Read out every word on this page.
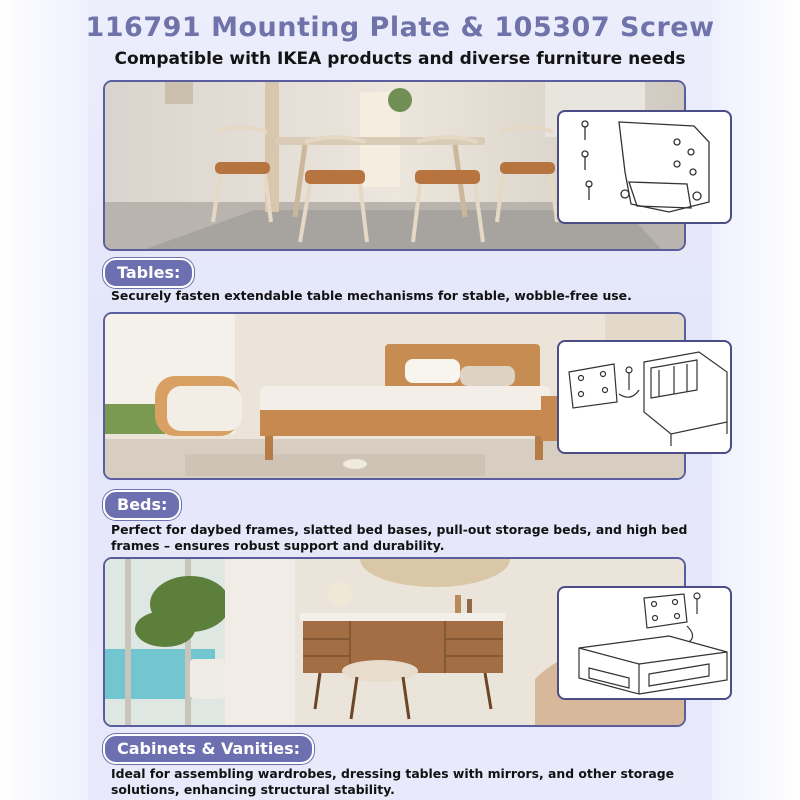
116791 Mounting Plate & 105307 Screw
Compatible with IKEA products and diverse furniture needs
Tables:
Securely fasten extendable table mechanisms for stable, wobble-free use.
Beds:
Perfect for daybed frames, slatted bed bases, pull-out storage beds, and high bed frames – ensures robust support and durability.
Cabinets & Vanities:
Ideal for assembling wardrobes, dressing tables with mirrors, and other storage solutions, enhancing structural stability.
